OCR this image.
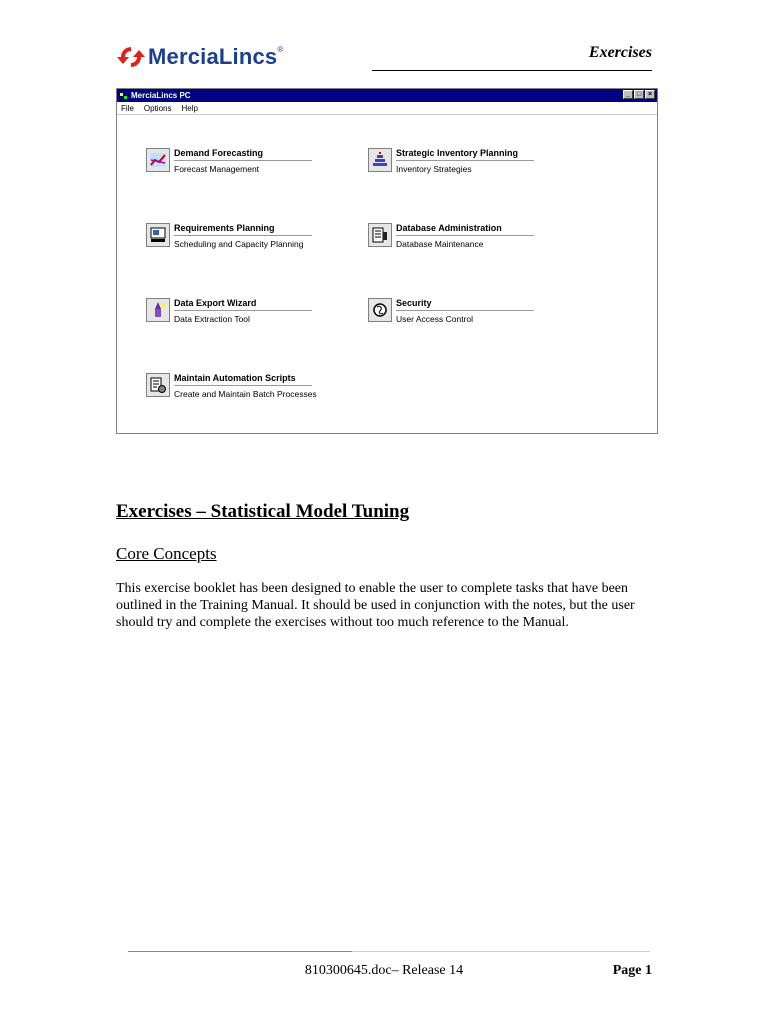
MerciaLincs ®	Exercises
MerciaLincs PC	_ □ ×
File Options Help
Demand Forecasting
Forecast Management
Strategic Inventory Planning
Inventory Strategies
Requirements Planning
Scheduling and Capacity Planning
Database Administration
Database Maintenance
Data Export Wizard
Data Extraction Tool
Security
User Access Control
Maintain Automation Scripts
Create and Maintain Batch Processes
Exercises – Statistical Model Tuning
Core Concepts
This exercise booklet has been designed to enable the user to complete tasks that have been outlined in the Training Manual. It should be used in conjunction with the notes, but the user should try and complete the exercises without too much reference to the Manual.
810300645.doc– Release 14	Page 1
